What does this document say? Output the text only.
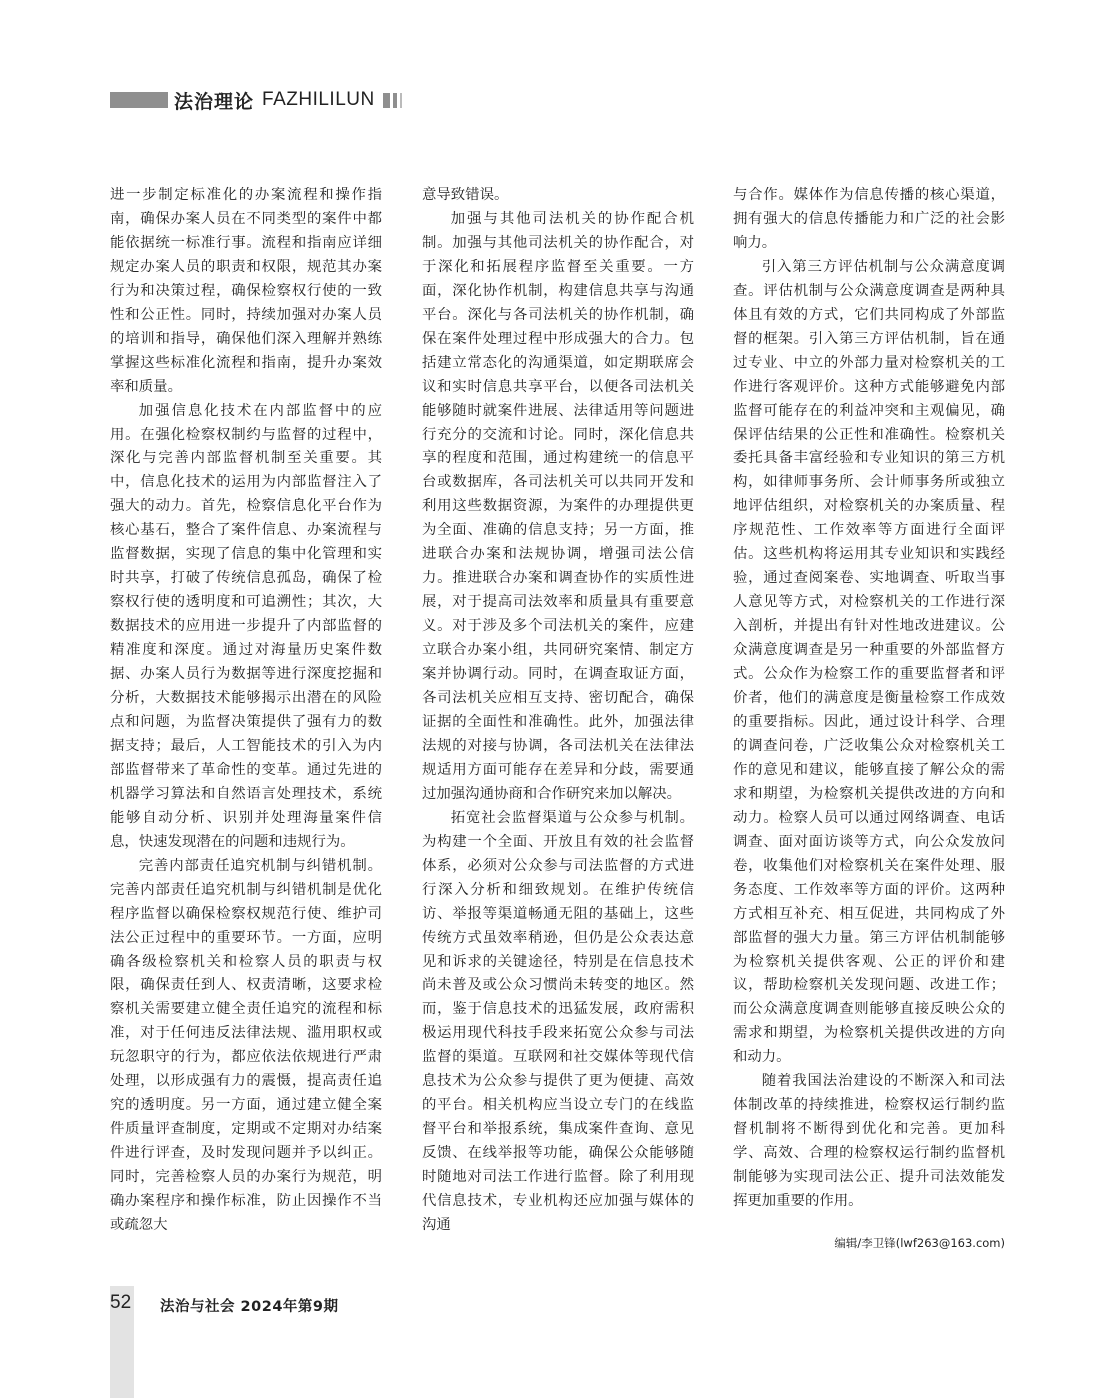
法治理论 FAZHILILUN

进一步制定标准化的办案流程和操作指南，确保办案人员在不同类型的案件中都能依据统一标准行事。流程和指南应详细规定办案人员的职责和权限，规范其办案行为和决策过程，确保检察权行使的一致性和公正性。同时，持续加强对办案人员的培训和指导，确保他们深入理解并熟练掌握这些标准化流程和指南，提升办案效率和质量。

加强信息化技术在内部监督中的应用。在强化检察权制约与监督的过程中，深化与完善内部监督机制至关重要。其中，信息化技术的运用为内部监督注入了强大的动力。首先，检察信息化平台作为核心基石，整合了案件信息、办案流程与监督数据，实现了信息的集中化管理和实时共享，打破了传统信息孤岛，确保了检察权行使的透明度和可追溯性；其次，大数据技术的应用进一步提升了内部监督的精准度和深度。通过对海量历史案件数据、办案人员行为数据等进行深度挖掘和分析，大数据技术能够揭示出潜在的风险点和问题，为监督决策提供了强有力的数据支持；最后，人工智能技术的引入为内部监督带来了革命性的变革。通过先进的机器学习算法和自然语言处理技术，系统能够自动分析、识别并处理海量案件信息，快速发现潜在的问题和违规行为。

完善内部责任追究机制与纠错机制。完善内部责任追究机制与纠错机制是优化程序监督以确保检察权规范行使、维护司法公正过程中的重要环节。一方面，应明确各级检察机关和检察人员的职责与权限，确保责任到人、权责清晰，这要求检察机关需要建立健全责任追究的流程和标准，对于任何违反法律法规、滥用职权或玩忽职守的行为，都应依法依规进行严肃处理，以形成强有力的震慑，提高责任追究的透明度。另一方面，通过建立健全案件质量评查制度，定期或不定期对办结案件进行评查，及时发现问题并予以纠正。同时，完善检察人员的办案行为规范，明确办案程序和操作标准，防止因操作不当或疏忽大

意导致错误。

加强与其他司法机关的协作配合机制。加强与其他司法机关的协作配合，对于深化和拓展程序监督至关重要。一方面，深化协作机制，构建信息共享与沟通平台。深化与各司法机关的协作机制，确保在案件处理过程中形成强大的合力。包括建立常态化的沟通渠道，如定期联席会议和实时信息共享平台，以便各司法机关能够随时就案件进展、法律适用等问题进行充分的交流和讨论。同时，深化信息共享的程度和范围，通过构建统一的信息平台或数据库，各司法机关可以共同开发和利用这些数据资源，为案件的办理提供更为全面、准确的信息支持；另一方面，推进联合办案和法规协调，增强司法公信力。推进联合办案和调查协作的实质性进展，对于提高司法效率和质量具有重要意义。对于涉及多个司法机关的案件，应建立联合办案小组，共同研究案情、制定方案并协调行动。同时，在调查取证方面，各司法机关应相互支持、密切配合，确保证据的全面性和准确性。此外，加强法律法规的对接与协调，各司法机关在法律法规适用方面可能存在差异和分歧，需要通过加强沟通协商和合作研究来加以解决。

拓宽社会监督渠道与公众参与机制。为构建一个全面、开放且有效的社会监督体系，必须对公众参与司法监督的方式进行深入分析和细致规划。在维护传统信访、举报等渠道畅通无阻的基础上，这些传统方式虽效率稍逊，但仍是公众表达意见和诉求的关键途径，特别是在信息技术尚未普及或公众习惯尚未转变的地区。然而，鉴于信息技术的迅猛发展，政府需积极运用现代科技手段来拓宽公众参与司法监督的渠道。互联网和社交媒体等现代信息技术为公众参与提供了更为便捷、高效的平台。相关机构应当设立专门的在线监督平台和举报系统，集成案件查询、意见反馈、在线举报等功能，确保公众能够随时随地对司法工作进行监督。除了利用现代信息技术，专业机构还应加强与媒体的沟通

与合作。媒体作为信息传播的核心渠道，拥有强大的信息传播能力和广泛的社会影响力。

引入第三方评估机制与公众满意度调查。评估机制与公众满意度调查是两种具体且有效的方式，它们共同构成了外部监督的框架。引入第三方评估机制，旨在通过专业、中立的外部力量对检察机关的工作进行客观评价。这种方式能够避免内部监督可能存在的利益冲突和主观偏见，确保评估结果的公正性和准确性。检察机关委托具备丰富经验和专业知识的第三方机构，如律师事务所、会计师事务所或独立地评估组织，对检察机关的办案质量、程序规范性、工作效率等方面进行全面评估。这些机构将运用其专业知识和实践经验，通过查阅案卷、实地调查、听取当事人意见等方式，对检察机关的工作进行深入剖析，并提出有针对性地改进建议。公众满意度调查是另一种重要的外部监督方式。公众作为检察工作的重要监督者和评价者，他们的满意度是衡量检察工作成效的重要指标。因此，通过设计科学、合理的调查问卷，广泛收集公众对检察机关工作的意见和建议，能够直接了解公众的需求和期望，为检察机关提供改进的方向和动力。检察人员可以通过网络调查、电话调查、面对面访谈等方式，向公众发放问卷，收集他们对检察机关在案件处理、服务态度、工作效率等方面的评价。这两种方式相互补充、相互促进，共同构成了外部监督的强大力量。第三方评估机制能够为检察机关提供客观、公正的评价和建议，帮助检察机关发现问题、改进工作；而公众满意度调查则能够直接反映公众的需求和期望，为检察机关提供改进的方向和动力。

随着我国法治建设的不断深入和司法体制改革的持续推进，检察权运行制约监督机制将不断得到优化和完善。更加科学、高效、合理的检察权运行制约监督机制能够为实现司法公正、提升司法效能发挥更加重要的作用。

编辑/李卫锋(lwf263@163.com)
52 法治与社会 2024年第9期
